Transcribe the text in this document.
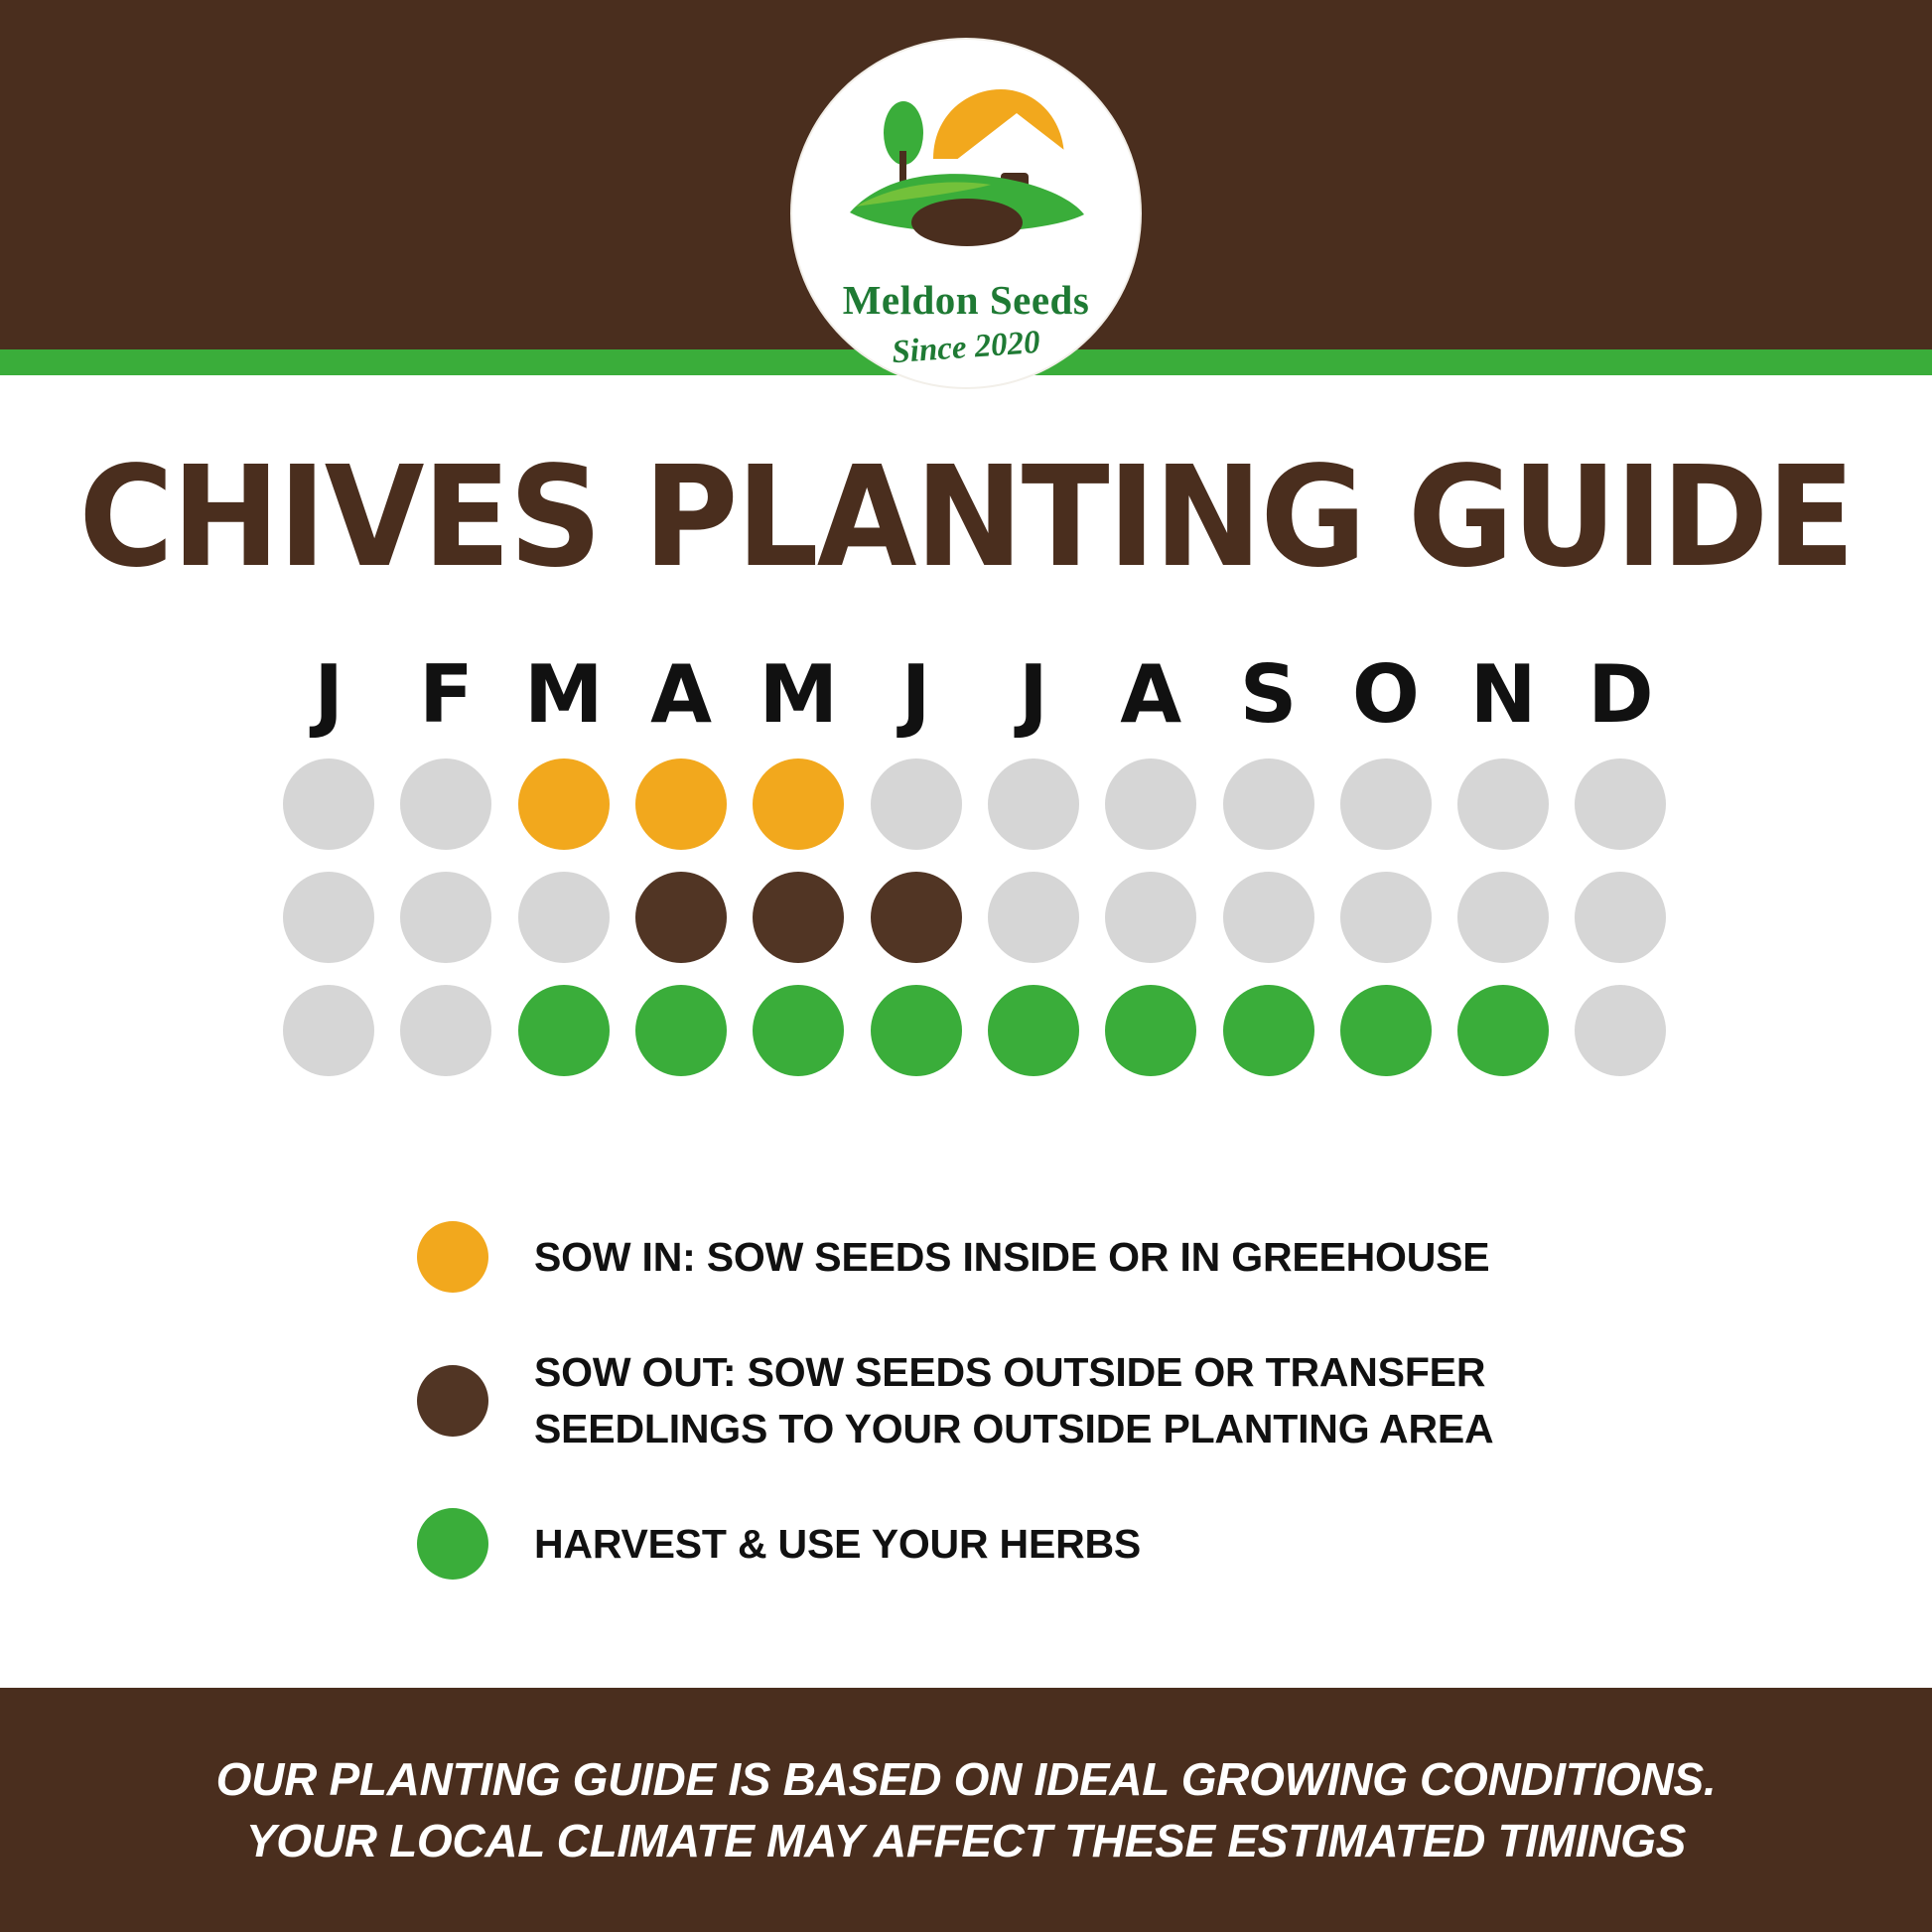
Meldon Seeds
Since 2020
CHIVES PLANTING GUIDE
J F M A M J	J A S O N D
SOW IN: SOW SEEDS INSIDE OR IN GREEHOUSE
SOW OUT: SOW SEEDS OUTSIDE OR TRANSFER SEEDLINGS TO YOUR OUTSIDE PLANTING AREA
HARVEST & USE YOUR HERBS
OUR PLANTING GUIDE IS BASED ON IDEAL GROWING CONDITIONS.
YOUR LOCAL CLIMATE MAY AFFECT THESE ESTIMATED TIMINGS
